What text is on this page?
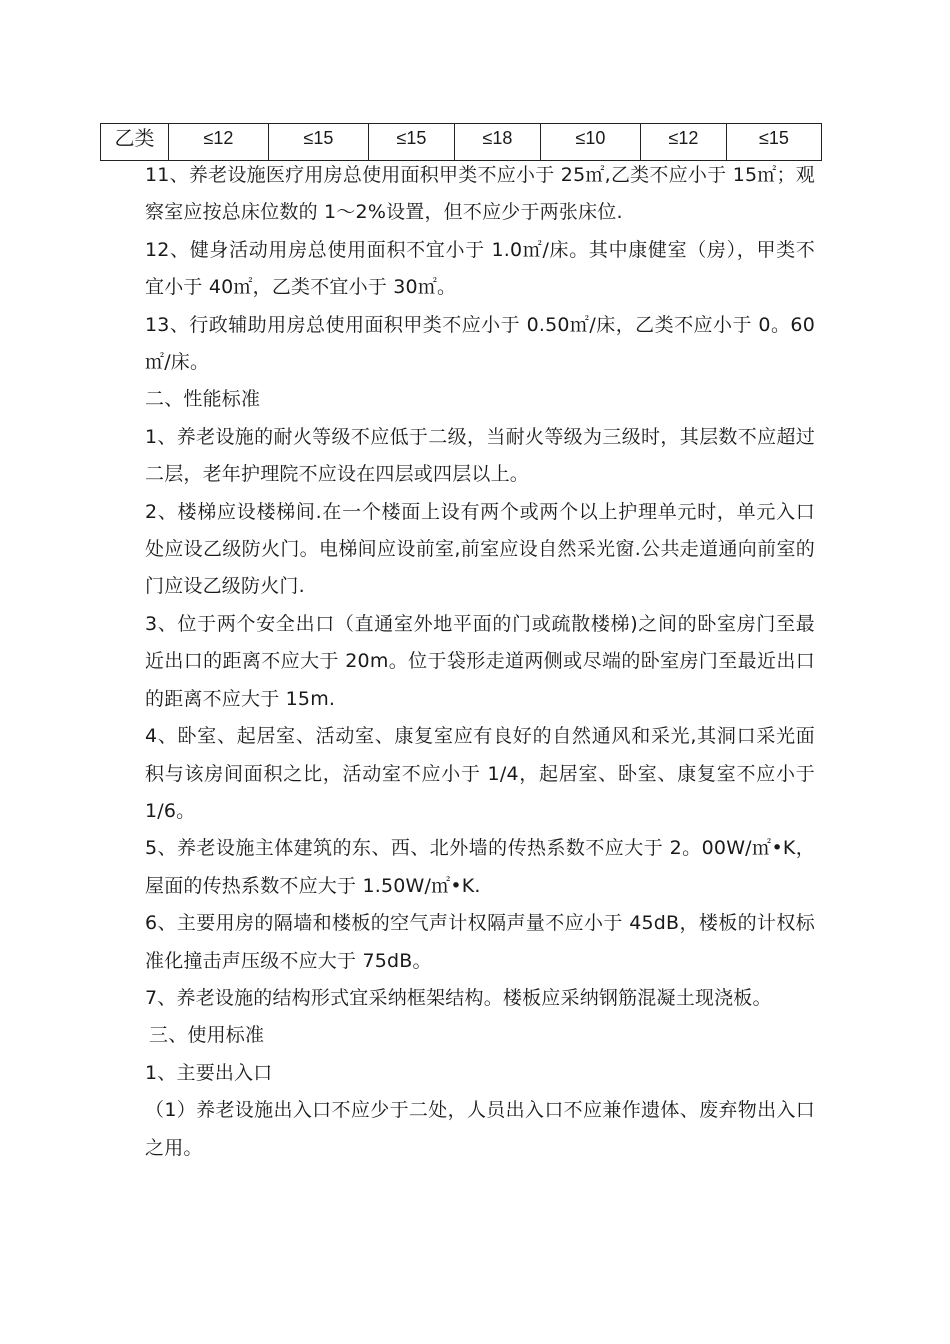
乙类	≤12	≤15	≤15	≤18	≤10	≤12	≤15

11、养老设施医疗用房总使用面积甲类不应小于 25㎡,乙类不应小于 15㎡；观察室应按总床位数的 1～2%设置，但不应少于两张床位.

12、健身活动用房总使用面积不宜小于 1.0㎡/床。其中康健室（房），甲类不宜小于 40㎡，乙类不宜小于 30㎡。

13、行政辅助用房总使用面积甲类不应小于 0.50㎡/床，乙类不应小于 0。60㎡/床。

二、性能标准

1、养老设施的耐火等级不应低于二级，当耐火等级为三级时，其层数不应超过二层，老年护理院不应设在四层或四层以上。

2、楼梯应设楼梯间.在一个楼面上设有两个或两个以上护理单元时，单元入口处应设乙级防火门。电梯间应设前室,前室应设自然采光窗.公共走道通向前室的门应设乙级防火门.

3、位于两个安全出口（直通室外地平面的门或疏散楼梯)之间的卧室房门至最近出口的距离不应大于 20m。位于袋形走道两侧或尽端的卧室房门至最近出口的距离不应大于 15m.

4、卧室、起居室、活动室、康复室应有良好的自然通风和采光,其洞口采光面积与该房间面积之比，活动室不应小于 1/4，起居室、卧室、康复室不应小于 1/6。

5、养老设施主体建筑的东、西、北外墙的传热系数不应大于 2。00W/㎡•K，屋面的传热系数不应大于 1.50W/㎡•K.

6、主要用房的隔墙和楼板的空气声计权隔声量不应小于 45dB，楼板的计权标准化撞击声压级不应大于 75dB。

7、养老设施的结构形式宜采纳框架结构。楼板应采纳钢筋混凝土现浇板。

三、使用标准

1、主要出入口

（1）养老设施出入口不应少于二处，人员出入口不应兼作遗体、废弃物出入口之用。
